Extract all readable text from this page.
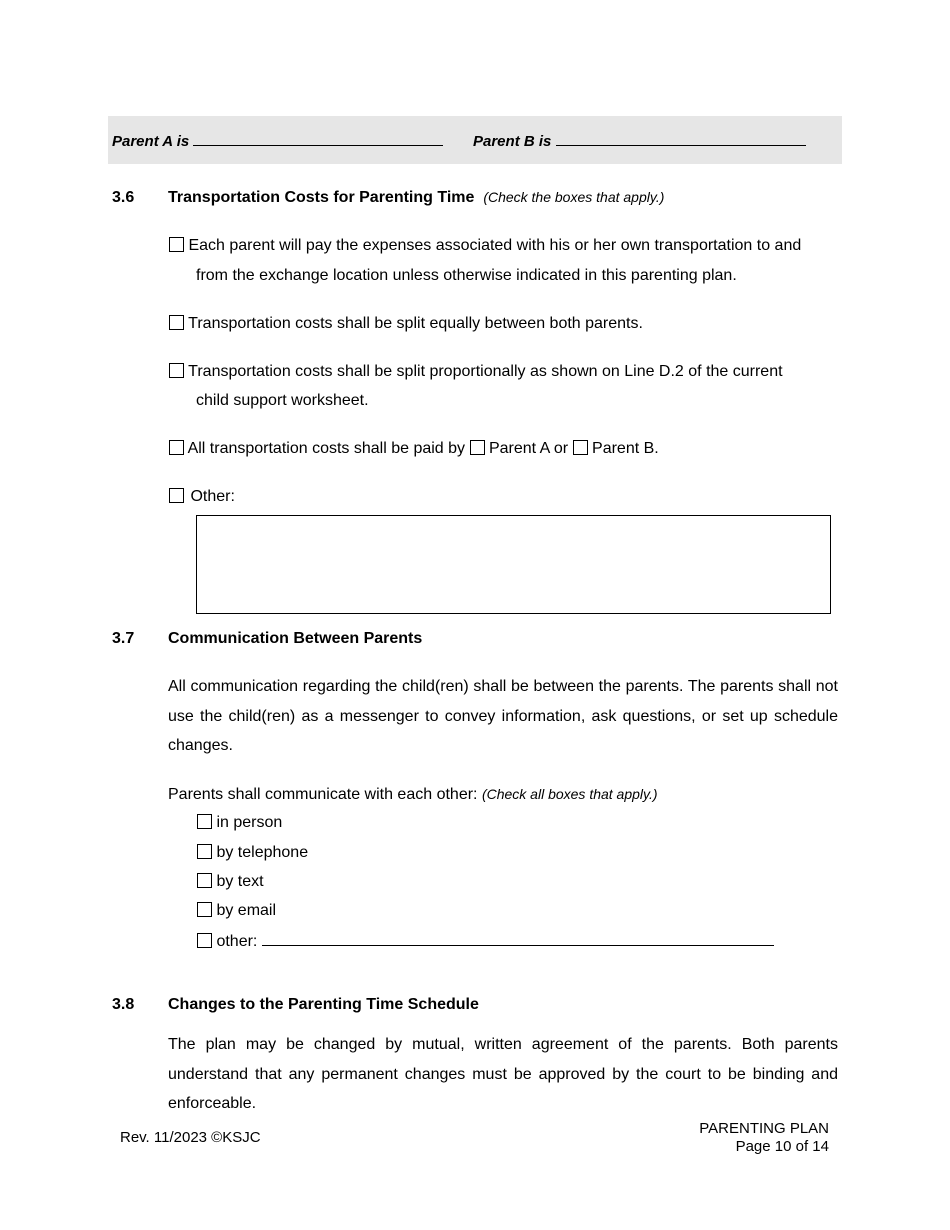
Parent A is	Parent B is
3.6 Transportation Costs for Parenting Time (Check the boxes that apply.)
Each parent will pay the expenses associated with his or her own transportation to and
from the exchange location unless otherwise indicated in this parenting plan.
Transportation costs shall be split equally between both parents.
Transportation costs shall be split proportionally as shown on Line D.2 of the current
child support worksheet.
All transportation costs shall be paid by Parent A or Parent B.
Other:
3.7 Communication Between Parents
All communication regarding the child(ren) shall be between the parents. The parents shall not use the child(ren) as a messenger to convey information, ask questions, or set up schedule changes.
Parents shall communicate with each other: (Check all boxes that apply.)
in person
by telephone
by text
by email
other:
3.8 Changes to the Parenting Time Schedule
The plan may be changed by mutual, written agreement of the parents. Both parents understand that any permanent changes must be approved by the court to be binding and enforceable.
Rev. 11/2023 ©KSJC
PARENTING PLAN
Page 10 of 14
